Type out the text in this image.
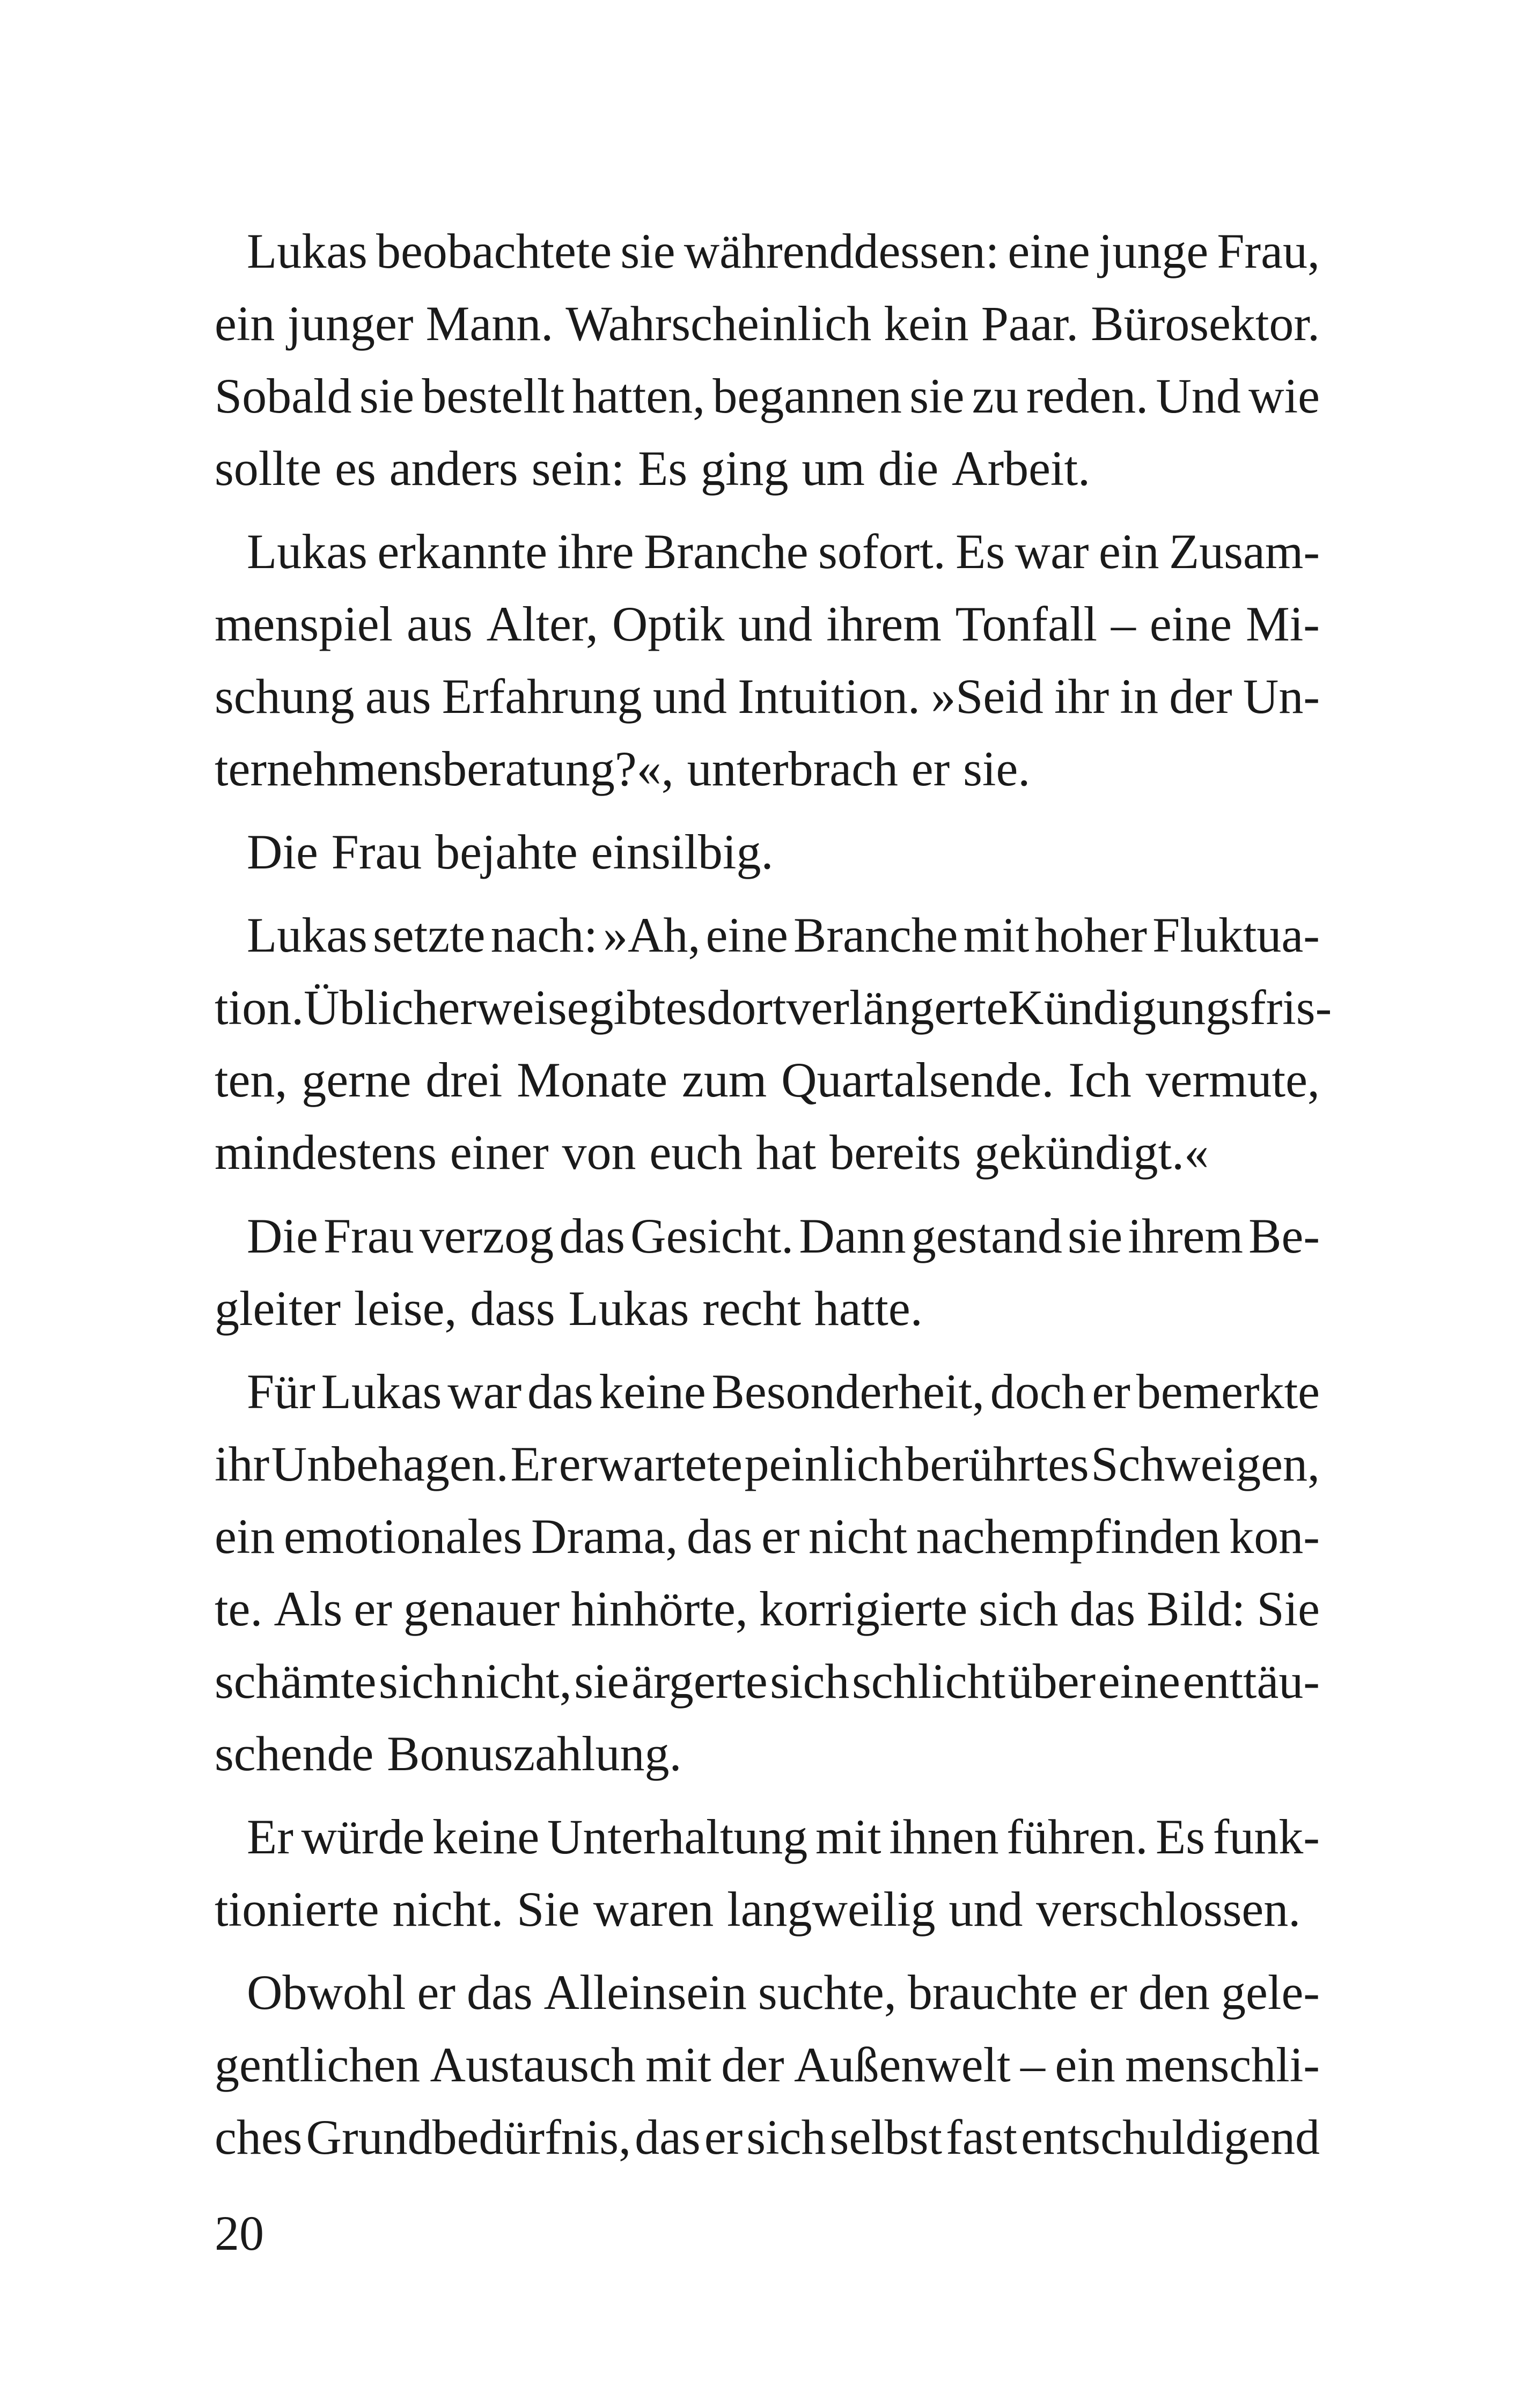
Lukas beobachtete sie währenddessen: eine junge Frau,
ein junger Mann. Wahrscheinlich kein Paar. Bürosektor.
Sobald sie bestellt hatten, begannen sie zu reden. Und wie
sollte es anders sein: Es ging um die Arbeit.
Lukas erkannte ihre Branche sofort. Es war ein Zusam-
menspiel aus Alter, Optik und ihrem Tonfall – eine Mi-
schung aus Erfahrung und Intuition. »Seid ihr in der Un-
ternehmensberatung?«, unterbrach er sie.
Die Frau bejahte einsilbig.
Lukas setzte nach: »Ah, eine Branche mit hoher Fluktua-
tion. Üblicherweise gibt es dort verlängerte Kündigungsfris-
ten, gerne drei Monate zum Quartalsende. Ich vermute,
mindestens einer von euch hat bereits gekündigt.«
Die Frau verzog das Gesicht. Dann gestand sie ihrem Be-
gleiter leise, dass Lukas recht hatte.
Für Lukas war das keine Besonderheit, doch er bemerkte
ihr Unbehagen. Er erwartete peinlich berührtes Schweigen,
ein emotionales Drama, das er nicht nachempfinden kon-
te. Als er genauer hinhörte, korrigierte sich das Bild: Sie
schämte sich nicht, sie ärgerte sich schlicht über eine enttäu-
schende Bonuszahlung.
Er würde keine Unterhaltung mit ihnen führen. Es funk-
tionierte nicht. Sie waren langweilig und verschlossen.
Obwohl er das Alleinsein suchte, brauchte er den gele-
gentlichen Austausch mit der Außenwelt – ein menschli-
ches Grundbedürfnis, das er sich selbst fast entschuldigend
20
